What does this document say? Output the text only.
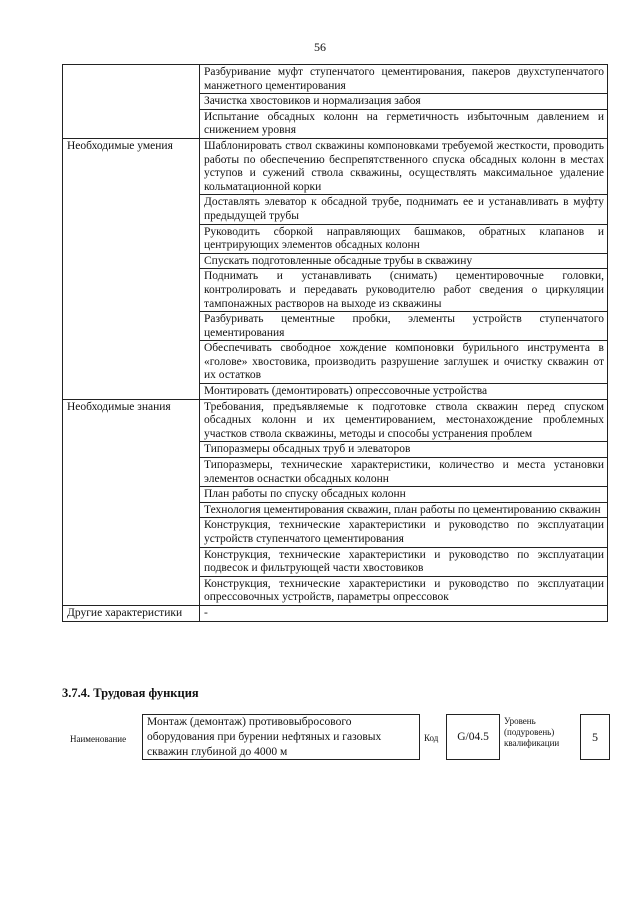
56
	Разбуривание муфт ступенчатого цементирования, пакеров двухступенчатого манжетного цементирования
	Зачистка хвостовиков и нормализация забоя
	Испытание обсадных колонн на герметичность избыточным давлением и снижением уровня
Необходимые умения	Шаблонировать ствол скважины компоновками требуемой жесткости, проводить работы по обеспечению беспрепятственного спуска обсадных колонн в местах уступов и сужений ствола скважины, осуществлять максимальное удаление кольматационной корки
	Доставлять элеватор к обсадной трубе, поднимать ее и устанавливать в муфту предыдущей трубы
	Руководить сборкой направляющих башмаков, обратных клапанов и центрирующих элементов обсадных колонн
	Спускать подготовленные обсадные трубы в скважину
	Поднимать и устанавливать (снимать) цементировочные головки, контролировать и передавать руководителю работ сведения о циркуляции тампонажных растворов на выходе из скважины
	Разбуривать цементные пробки, элементы устройств ступенчатого цементирования
	Обеспечивать свободное хождение компоновки бурильного инструмента в «голове» хвостовика, производить разрушение заглушек и очистку скважин от их остатков
	Монтировать (демонтировать) опрессовочные устройства
Необходимые знания	Требования, предъявляемые к подготовке ствола скважин перед спуском обсадных колонн и их цементированием, местонахождение проблемных участков ствола скважины, методы и способы устранения проблем
	Типоразмеры обсадных труб и элеваторов
	Типоразмеры, технические характеристики, количество и места установки элементов оснастки обсадных колонн
	План работы по спуску обсадных колонн
	Технология цементирования скважин, план работы по цементированию скважин
	Конструкция, технические характеристики и руководство по эксплуатации устройств ступенчатого цементирования
	Конструкция, технические характеристики и руководство по эксплуатации подвесок и фильтрующей части хвостовиков
	Конструкция, технические характеристики и руководство по эксплуатации опрессовочных устройств, параметры опрессовок
Другие характеристики	-
3.7.4. Трудовая функция
Наименование
Монтаж (демонтаж) противовыбросового оборудования при бурении нефтяных и газовых скважин глубиной до 4000 м
Код	G/04.5
Уровень (подуровень) квалификации	5
